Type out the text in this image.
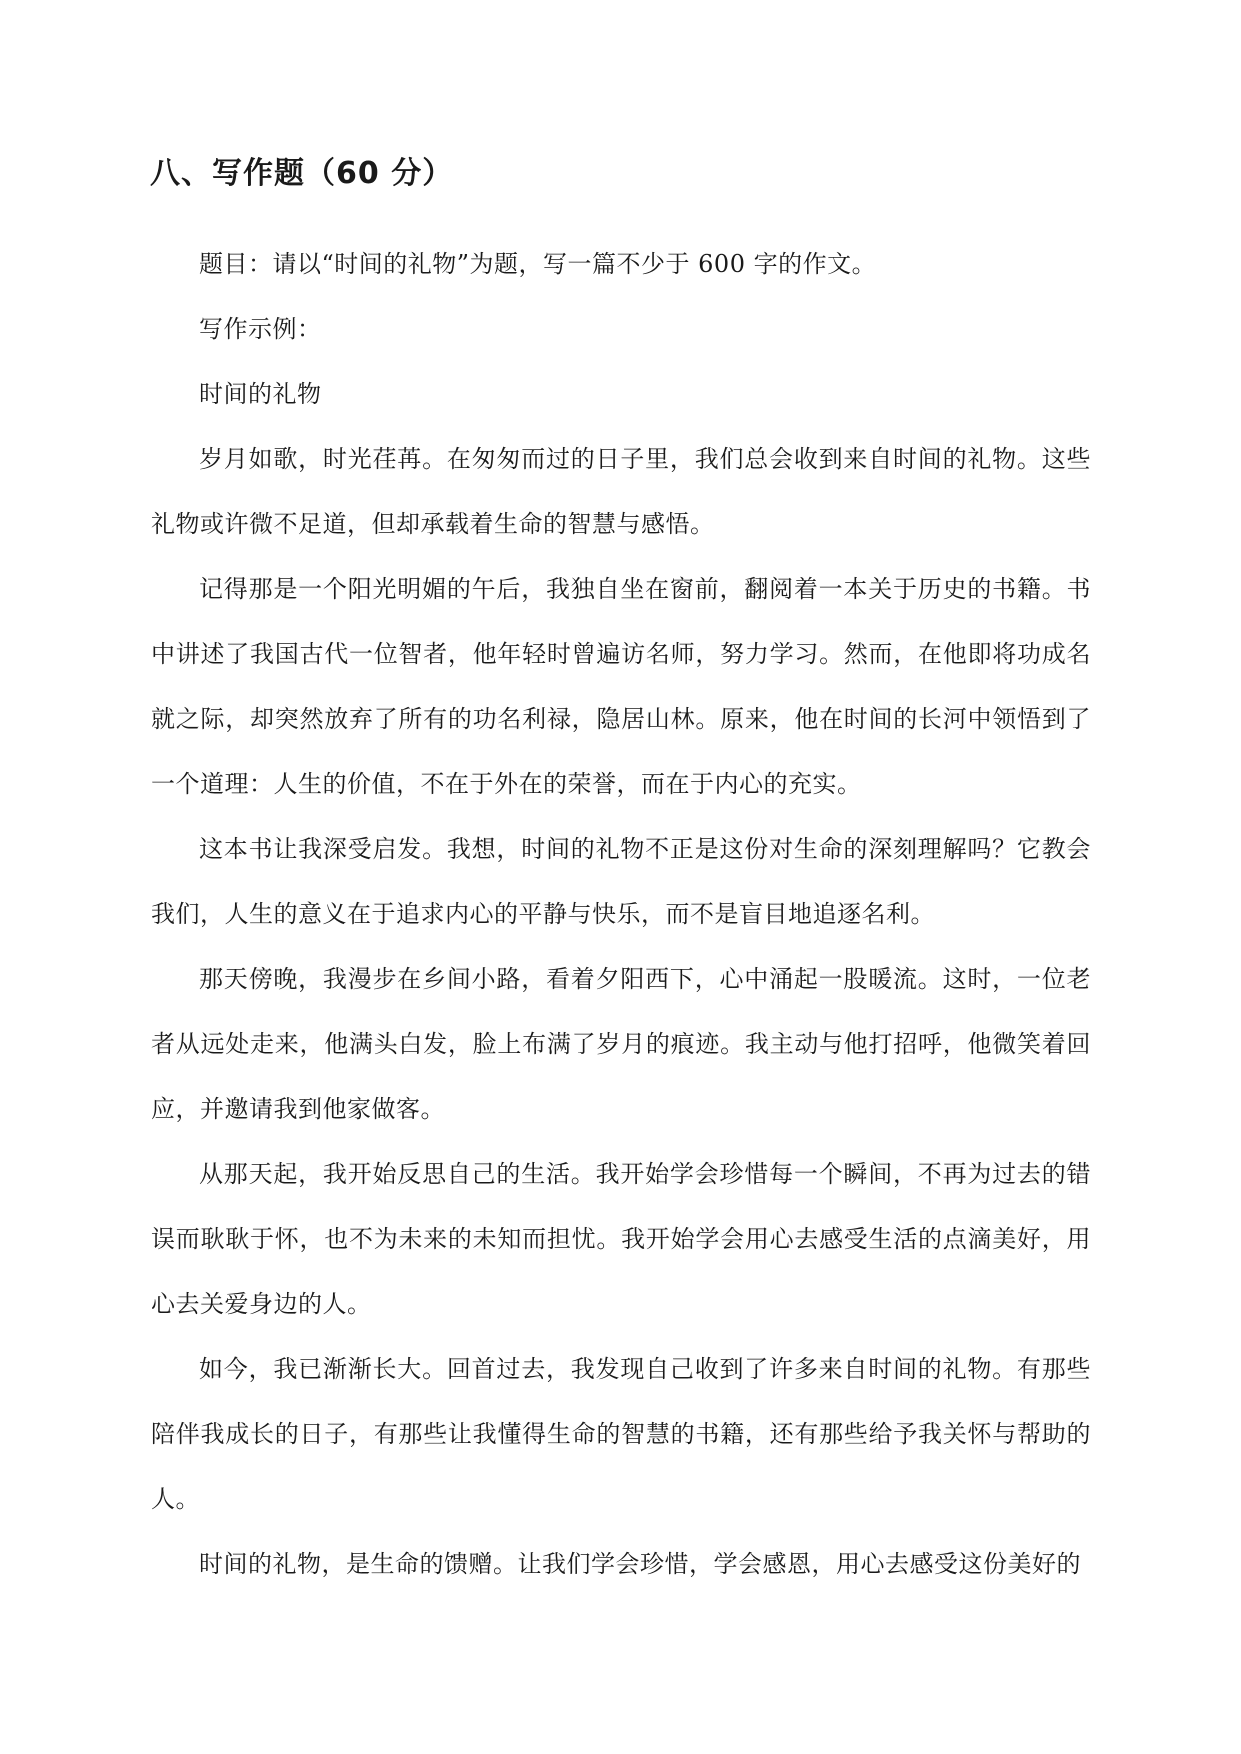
八、写作题（60 分）

题目：请以“时间的礼物”为题，写一篇不少于 600 字的作文。

写作示例：

时间的礼物

岁月如歌，时光荏苒。在匆匆而过的日子里，我们总会收到来自时间的礼物。这些礼物或许微不足道，但却承载着生命的智慧与感悟。

记得那是一个阳光明媚的午后，我独自坐在窗前，翻阅着一本关于历史的书籍。书中讲述了我国古代一位智者，他年轻时曾遍访名师，努力学习。然而，在他即将功成名就之际，却突然放弃了所有的功名利禄，隐居山林。原来，他在时间的长河中领悟到了一个道理：人生的价值，不在于外在的荣誉，而在于内心的充实。

这本书让我深受启发。我想，时间的礼物不正是这份对生命的深刻理解吗？它教会我们，人生的意义在于追求内心的平静与快乐，而不是盲目地追逐名利。

那天傍晚，我漫步在乡间小路，看着夕阳西下，心中涌起一股暖流。这时，一位老者从远处走来，他满头白发，脸上布满了岁月的痕迹。我主动与他打招呼，他微笑着回应，并邀请我到他家做客。

从那天起，我开始反思自己的生活。我开始学会珍惜每一个瞬间，不再为过去的错误而耿耿于怀，也不为未来的未知而担忧。我开始学会用心去感受生活的点滴美好，用心去关爱身边的人。

如今，我已渐渐长大。回首过去，我发现自己收到了许多来自时间的礼物。有那些陪伴我成长的日子，有那些让我懂得生命的智慧的书籍，还有那些给予我关怀与帮助的人。

时间的礼物，是生命的馈赠。让我们学会珍惜，学会感恩，用心去感受这份美好的
